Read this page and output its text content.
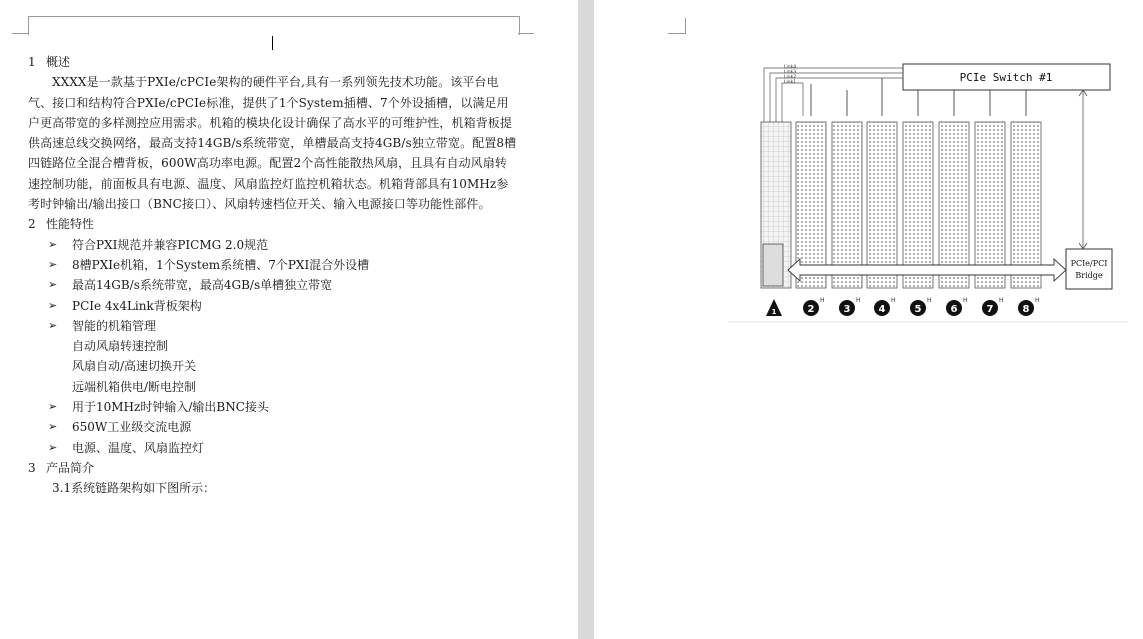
1 概述

XXXX是一款基于PXIe/cPCIe架构的硬件平台,具有一系列领先技术功能。该平台电气、接口和结构符合PXIe/cPCIe标准，提供了1个System插槽、7个外设插槽，以满足用户更高带宽的多样测控应用需求。机箱的模块化设计确保了高水平的可维护性，机箱背板提供高速总线交换网络，最高支持14GB/s系统带宽，单槽最高支持4GB/s独立带宽。配置8槽四链路位全混合槽背板，600W高功率电源。配置2个高性能散热风扇，且具有自动风扇转速控制功能，前面板具有电源、温度、风扇监控灯监控机箱状态。机箱背部具有10MHz参考时钟输出/输出接口（BNC接口）、风扇转速档位开关、输入电源接口等功能性部件。

2 性能特性
➢ 符合PXI规范并兼容PICMG 2.0规范
➢ 8槽PXIe机箱，1个System系统槽、7个PXI混合外设槽
➢ 最高14GB/s系统带宽，最高4GB/s单槽独立带宽
➢ PCIe 4x4Link背板架构
➢ 智能的机箱管理
自动风扇转速控制
风扇自动/高速切换开关
远端机箱供电/断电控制
➢ 用于10MHz时钟输入/输出BNC接头
➢ 650W工业级交流电源
➢ 电源、温度、风扇监控灯
3 产品简介
3.1系统链路架构如下图所示：
PCIe Switch #1
PCIe/PCI
Bridge
Link4
Link3
Link2
Link1
1	2
H
3
H
4
H
5
H
6
H
7
H
8
H
